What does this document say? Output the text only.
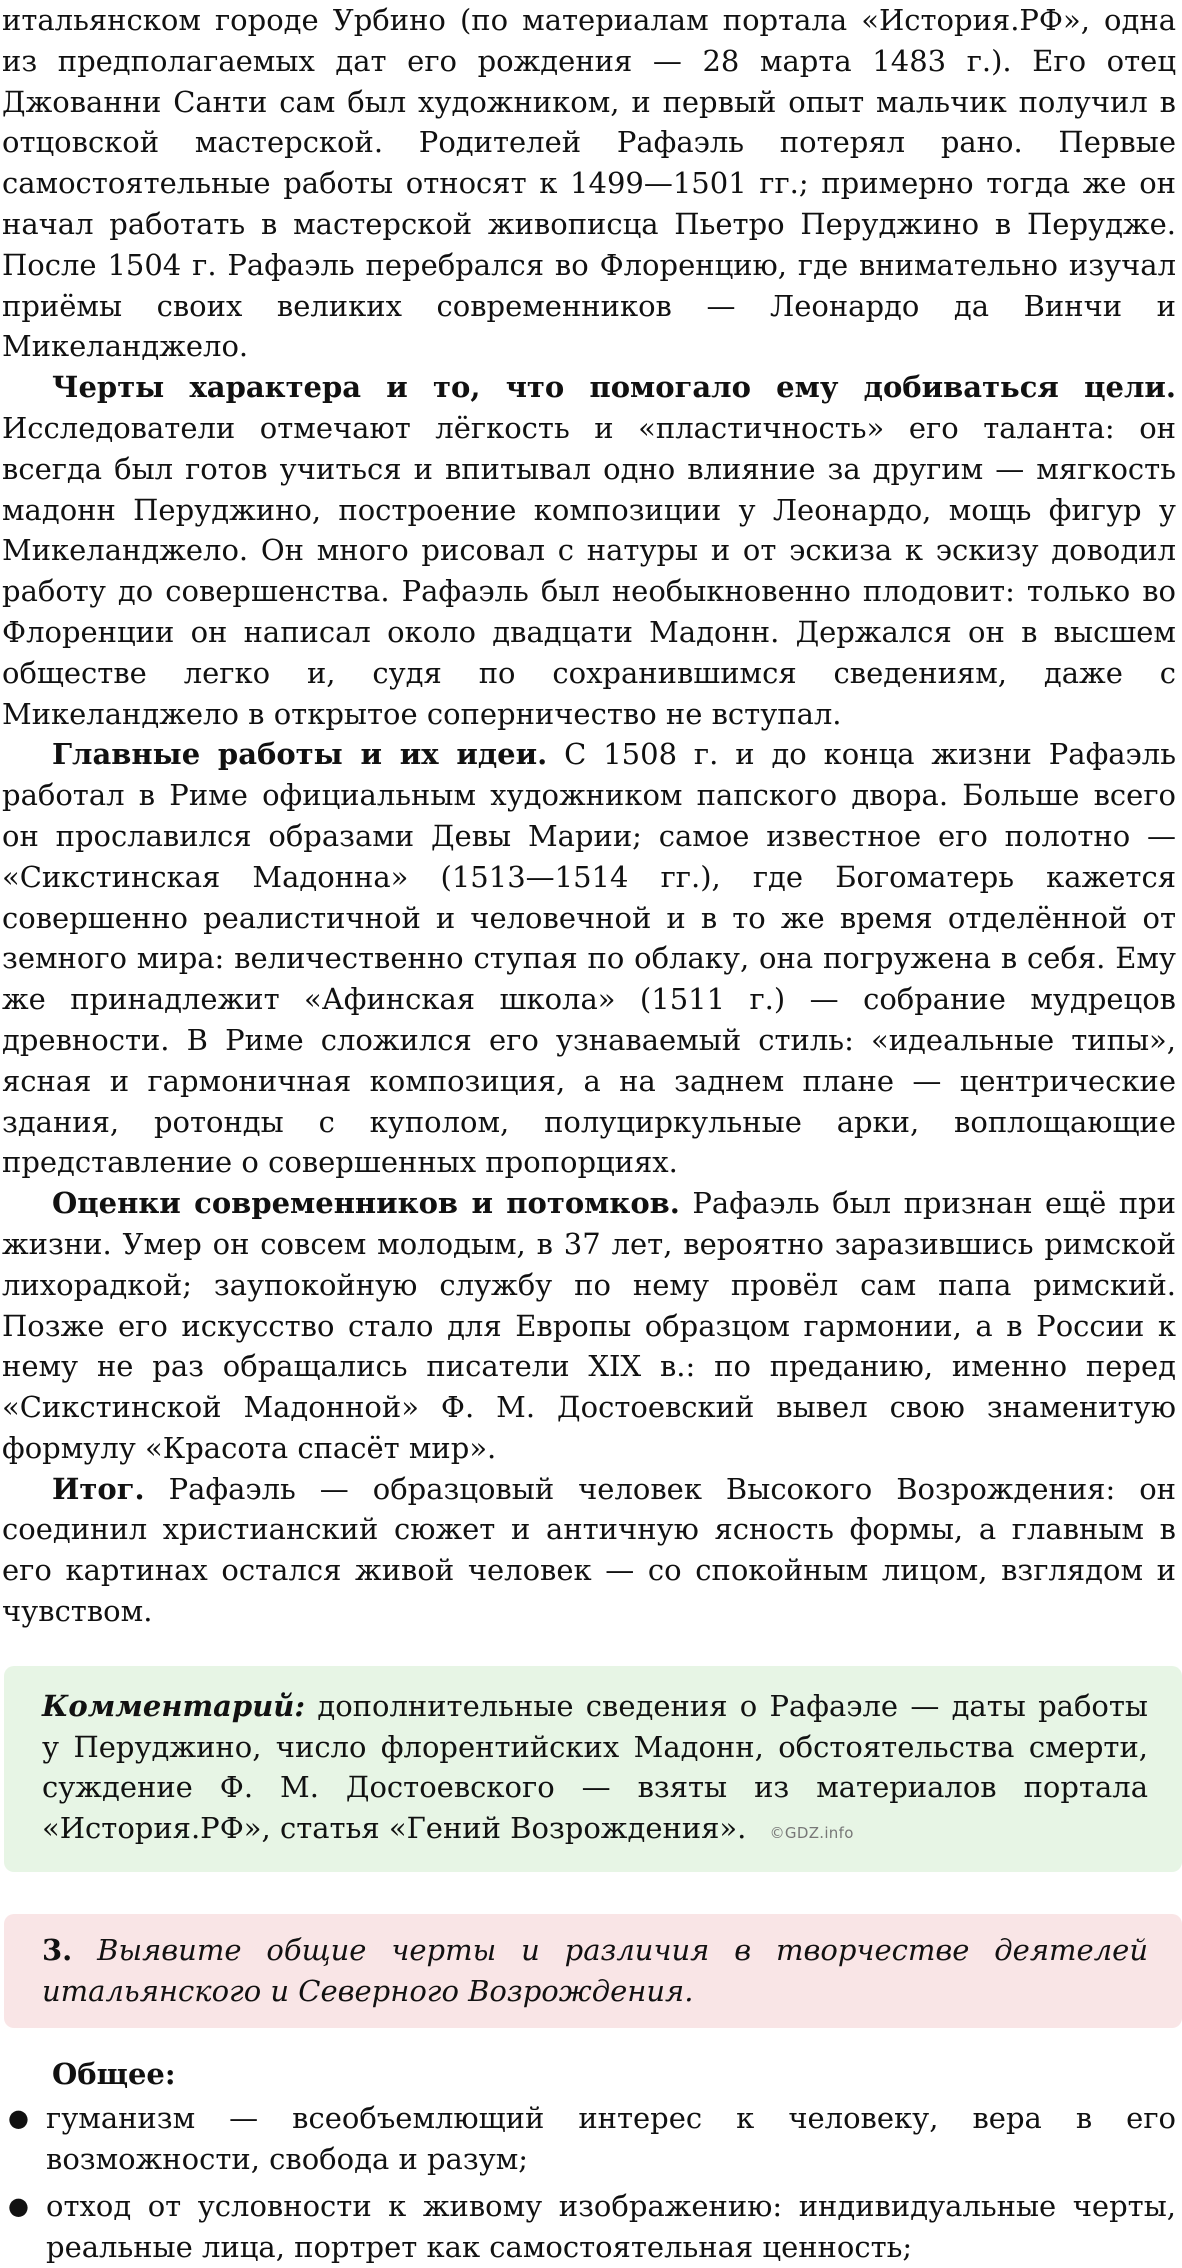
итальянском городе Урбино (по материалам портала «История.РФ», одна из предполагаемых дат его рождения — 28 марта 1483 г.). Его отец Джованни Санти сам был художником, и первый опыт мальчик получил в отцовской мастерской. Родителей Рафаэль потерял рано. Первые самостоятельные работы относят к 1499—1501 гг.; примерно тогда же он начал работать в мастерской живописца Пьетро Перуджино в Перудже. После 1504 г. Рафаэль перебрался во Флоренцию, где внимательно изучал приёмы своих великих современников — Леонардо да Винчи и Микеланджело.

Черты характера и то, что помогало ему добиваться цели. Исследователи отмечают лёгкость и «пластичность» его таланта: он всегда был готов учиться и впитывал одно влияние за другим — мягкость мадонн Перуджино, построение композиции у Леонардо, мощь фигур у Микеланджело. Он много рисовал с натуры и от эскиза к эскизу доводил работу до совершенства. Рафаэль был необыкновенно плодовит: только во Флоренции он написал около двадцати Мадонн. Держался он в высшем обществе легко и, судя по сохранившимся сведениям, даже с Микеланджело в открытое соперничество не вступал.

Главные работы и их идеи. С 1508 г. и до конца жизни Рафаэль работал в Риме официальным художником папского двора. Больше всего он прославился образами Девы Марии; самое известное его полотно — «Сикстинская Мадонна» (1513—1514 гг.), где Богоматерь кажется совершенно реалистичной и человечной и в то же время отделённой от земного мира: величественно ступая по облаку, она погружена в себя. Ему же принадлежит «Афинская школа» (1511 г.) — собрание мудрецов древности. В Риме сложился его узнаваемый стиль: «идеальные типы», ясная и гармоничная композиция, а на заднем плане — центрические здания, ротонды с куполом, полуциркульные арки, воплощающие представление о совершенных пропорциях.

Оценки современников и потомков. Рафаэль был признан ещё при жизни. Умер он совсем молодым, в 37 лет, вероятно заразившись римской лихорадкой; заупокойную службу по нему провёл сам папа римский. Позже его искусство стало для Европы образцом гармонии, а в России к нему не раз обращались писатели XIX в.: по преданию, именно перед «Сикстинской Мадонной» Ф. М. Достоевский вывел свою знаменитую формулу «Красота спасёт мир».

Итог. Рафаэль — образцовый человек Высокого Возрождения: он соединил христианский сюжет и античную ясность формы, а главным в его картинах остался живой человек — со спокойным лицом, взглядом и чувством.

Комментарий: дополнительные сведения о Рафаэле — даты работы у Перуджино, число флорентийских Мадонн, обстоятельства смерти, суждение Ф. М. Достоевского — взяты из материалов портала «История.РФ», статья «Гений Возрождения». ©GDZ.info
3. Выявите общие черты и различия в творчестве деятелей итальянского и Северного Возрождения.
Общее:
● гуманизм — всеобъемлющий интерес к человеку, вера в его возможности, свобода и разум;
● отход от условности к живому изображению: индивидуальные черты, реальные лица, портрет как самостоятельная ценность;
